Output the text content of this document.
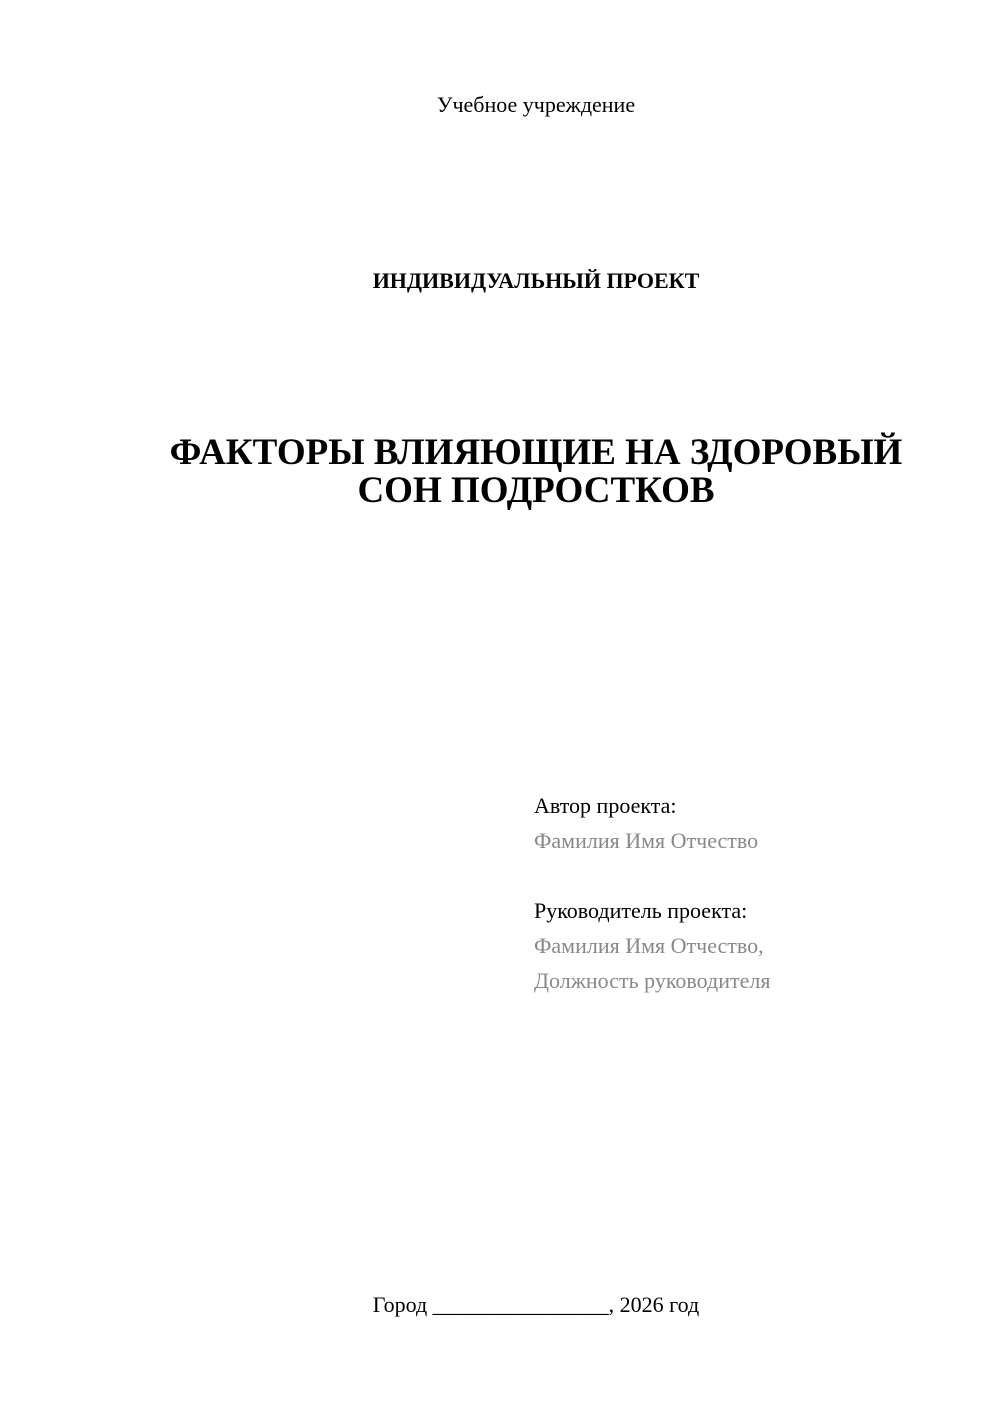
Учебное учреждение
ИНДИВИДУАЛЬНЫЙ ПРОЕКТ
ФАКТОРЫ ВЛИЯЮЩИЕ НА ЗДОРОВЫЙ
СОН ПОДРОСТКОВ
Автор проекта:
Фамилия Имя Отчество
Руководитель проекта:
Фамилия Имя Отчество,
Должность руководителя
Город ________________, 2026 год
